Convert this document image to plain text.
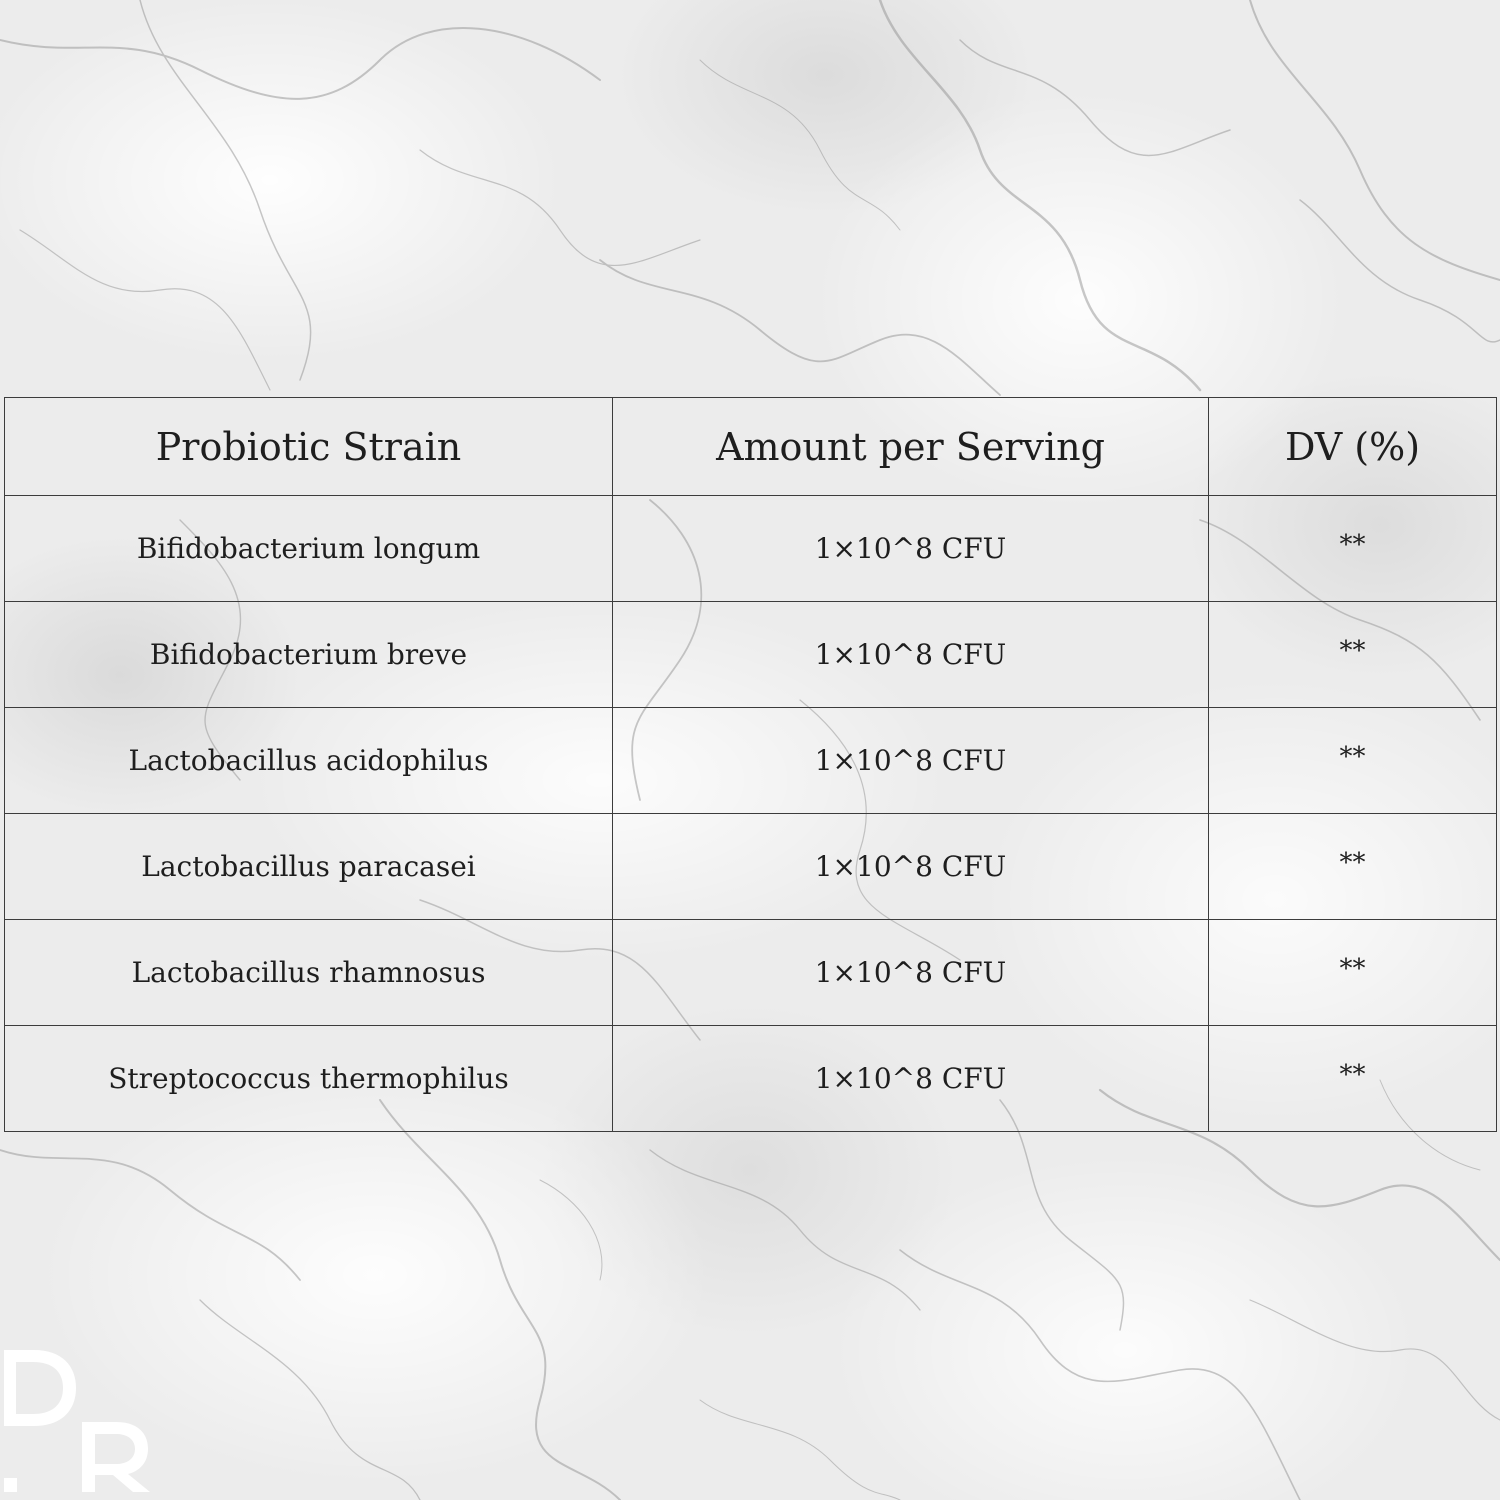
Probiotic Strain	Amount per Serving	DV (%)
Bifidobacterium longum	1×10^8 CFU	**
Bifidobacterium breve	1×10^8 CFU	**
Lactobacillus acidophilus	1×10^8 CFU	**
Lactobacillus paracasei	1×10^8 CFU	**
Lactobacillus rhamnosus	1×10^8 CFU	**
Streptococcus thermophilus	1×10^8 CFU	**
